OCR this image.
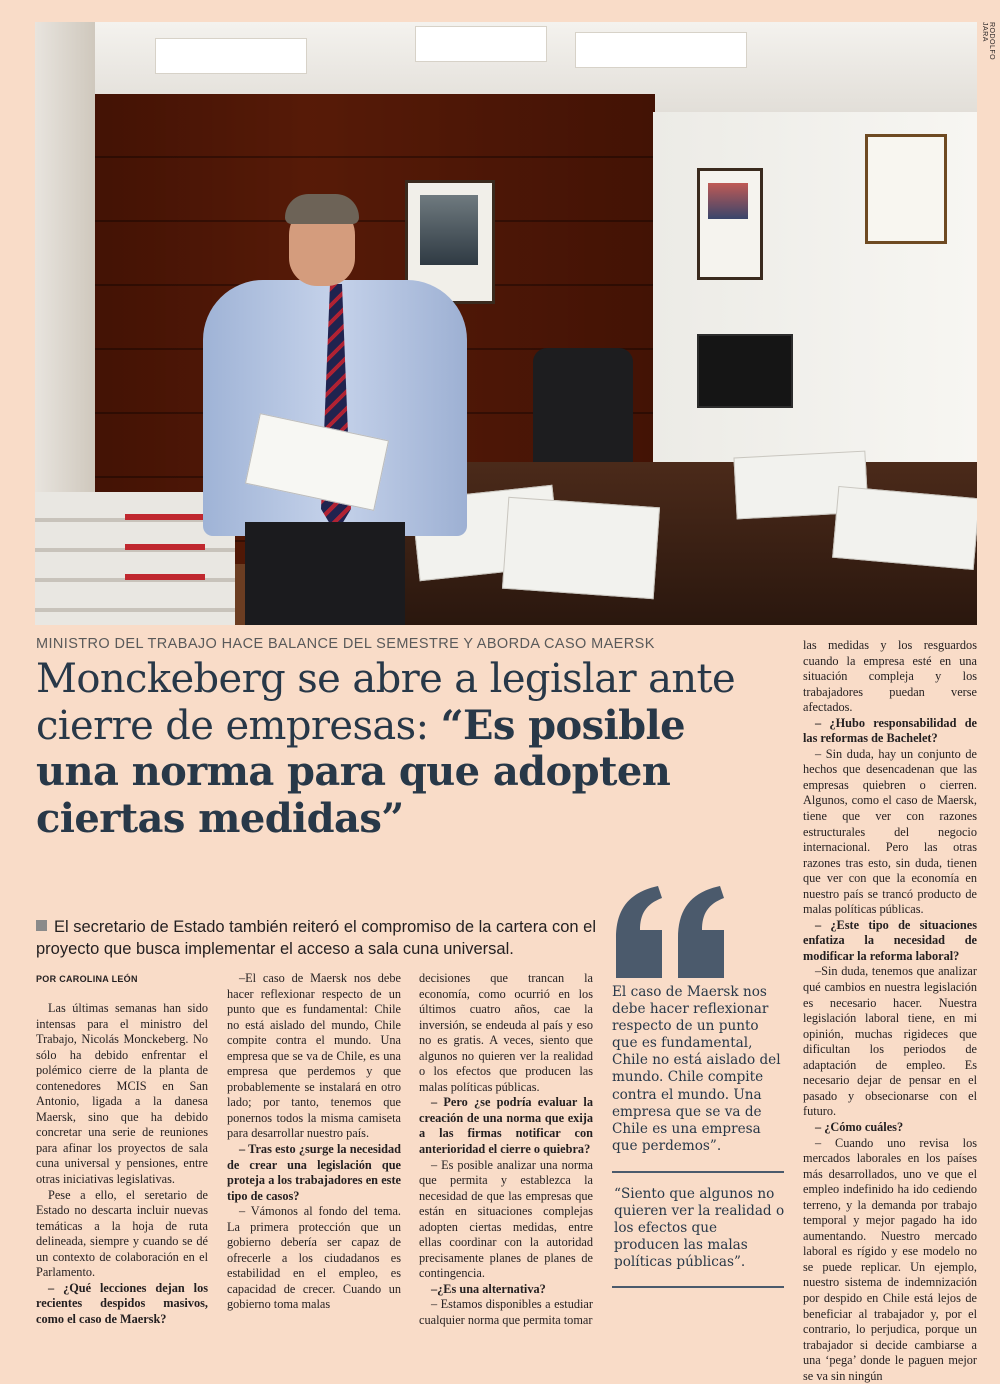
RODOLFO JARA
MINISTRO DEL TRABAJO HACE BALANCE DEL SEMESTRE Y ABORDA CASO MAERSK
Monckeberg se abre a legislar ante cierre de empresas: “Es posible una norma para que adopten ciertas medidas”
El secretario de Estado también reiteró el compromiso de la cartera con el proyecto que busca implementar el acceso a sala cuna universal.
POR CAROLINA LEÓN

Las últimas semanas han sido intensas para el ministro del Trabajo, Nicolás Monckeberg. No sólo ha debido enfrentar el polémico cierre de la planta de contenedores MCIS en San Antonio, ligada a la danesa Maersk, sino que ha debido concretar una serie de reuniones para afinar los proyectos de sala cuna universal y pensiones, entre otras iniciativas legislativas.

Pese a ello, el seretario de Estado no descarta incluir nuevas temáticas a la hoja de ruta delineada, siempre y cuando se dé un contexto de colaboración en el Parlamento.

– ¿Qué lecciones dejan los recientes despidos masivos, como el caso de Maersk?

–El caso de Maersk nos debe hacer reflexionar respecto de un punto que es fundamental: Chile no está aislado del mundo, Chile compite contra el mundo. Una empresa que se va de Chile, es una empresa que perdemos y que probablemente se instalará en otro lado; por tanto, tenemos que ponernos todos la misma camiseta para desarrollar nuestro país.

– Tras esto ¿surge la necesidad de crear una legislación que proteja a los trabajadores en este tipo de casos?

– Vámonos al fondo del tema. La primera protección que un gobierno debería ser capaz de ofrecerle a los ciudadanos es estabilidad en el empleo, es capacidad de crecer. Cuando un gobierno toma malas

decisiones que trancan la economía, como ocurrió en los últimos cuatro años, cae la inversión, se endeuda al país y eso no es gratis. A veces, siento que algunos no quieren ver la realidad o los efectos que producen las malas políticas públicas.

– Pero ¿se podría evaluar la creación de una norma que exija a las firmas notificar con anterioridad el cierre o quiebra?

– Es posible analizar una norma que permita y establezca la necesidad de que las empresas que están en situaciones complejas adopten ciertas medidas, entre ellas coordinar con la autoridad precisamente planes de planes de contingencia.

–¿Es una alternativa?

– Estamos disponibles a estudiar cualquier norma que permita tomar

las medidas y los resguardos cuando la empresa esté en una situación compleja y los trabajadores puedan verse afectados.

– ¿Hubo responsabilidad de las reformas de Bachelet?

– Sin duda, hay un conjunto de hechos que desencadenan que las empresas quiebren o cierren. Algunos, como el caso de Maersk, tiene que ver con razones estructurales del negocio internacional. Pero las otras razones tras esto, sin duda, tienen que ver con que la economía en nuestro país se trancó producto de malas políticas públicas.

– ¿Este tipo de situaciones enfatiza la necesidad de modificar la reforma laboral?

–Sin duda, tenemos que analizar qué cambios en nuestra legislación es necesario hacer. Nuestra legislación laboral tiene, en mi opinión, muchas rigideces que dificultan los periodos de adaptación de empleo. Es necesario dejar de pensar en el pasado y obsecionarse con el futuro.

– ¿Cómo cuáles?

– Cuando uno revisa los mercados laborales en los países más desarrollados, uno ve que el empleo indefinido ha ido cediendo terreno, y la demanda por trabajo temporal y mejor pagado ha ido aumentando. Nuestro mercado laboral es rígido y ese modelo no se puede replicar. Un ejemplo, nuestro sistema de indemnización por despido en Chile está lejos de beneficiar al trabajador y, por el contrario, lo perjudica, porque un trabajador si decide cambiarse a una ‘pega’ donde le paguen mejor se va sin ningún

El caso de Maersk nos debe hacer reflexionar respecto de un punto que es fundamental, Chile no está aislado del mundo. Chile compite contra el mundo. Una empresa que se va de Chile es una empresa que perdemos”.

“Siento que algunos no quieren ver la realidad o los efectos que producen las malas políticas públicas”.
